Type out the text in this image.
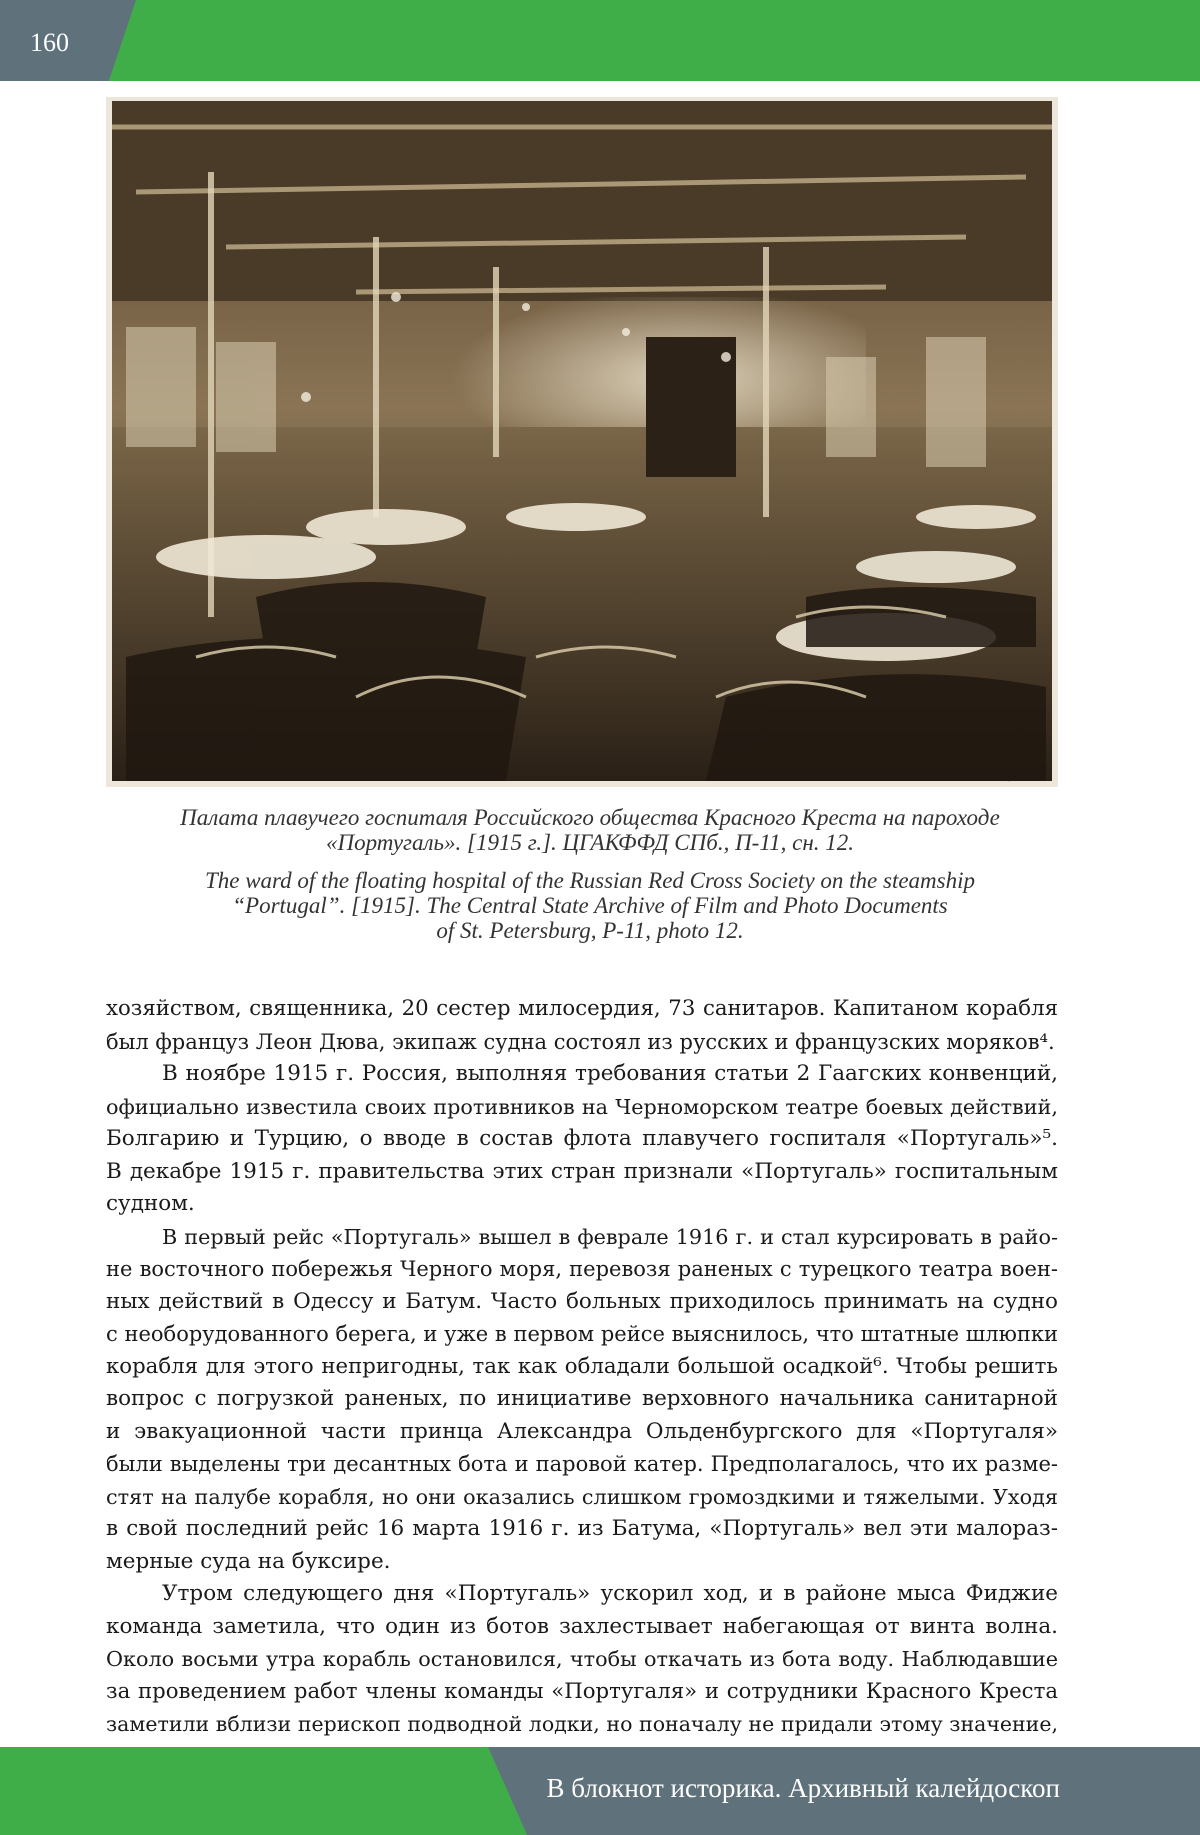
160
Палата плавучего госпиталя Российского общества Красного Креста на пароходе
«Португаль». [1915 г.]. ЦГАКФФД СПб., П-11, сн. 12.
The ward of the floating hospital of the Russian Red Cross Society on the steamship
“Portugal”. [1915]. The Central State Archive of Film and Photo Documents
of St. Petersburg, P-11, photo 12.
хозяйством, священника, 20 сестер милосердия, 73 санитаров. Капитаном корабля
был француз Леон Дюва, экипаж судна состоял из русских и французских моряков⁴.
В ноябре 1915 г. Россия, выполняя требования статьи 2 Гаагских конвенций,
официально известила своих противников на Черноморском театре боевых действий,
Болгарию и Турцию, о вводе в состав флота плавучего госпиталя «Португаль»⁵.
В декабре 1915 г. правительства этих стран признали «Португаль» госпитальным
судном.
В первый рейс «Португаль» вышел в феврале 1916 г. и стал курсировать в райо-
не восточного побережья Черного моря, перевозя раненых с турецкого театра воен-
ных действий в Одессу и Батум. Часто больных приходилось принимать на судно
с необорудованного берега, и уже в первом рейсе выяснилось, что штатные шлюпки
корабля для этого непригодны, так как обладали большой осадкой⁶. Чтобы решить
вопрос с погрузкой раненых, по инициативе верховного начальника санитарной
и эвакуационной части принца Александра Ольденбургского для «Португаля»
были выделены три десантных бота и паровой катер. Предполагалось, что их разме-
стят на палубе корабля, но они оказались слишком громоздкими и тяжелыми. Уходя
в свой последний рейс 16 марта 1916 г. из Батума, «Португаль» вел эти малораз-
мерные суда на буксире.
Утром следующего дня «Португаль» ускорил ход, и в районе мыса Фиджие
команда заметила, что один из ботов захлестывает набегающая от винта волна.
Около восьми утра корабль остановился, чтобы откачать из бота воду. Наблюдавшие
за проведением работ члены команды «Португаля» и сотрудники Красного Креста
заметили вблизи перископ подводной лодки, но поначалу не придали этому значение,
В блокнот историка. Архивный калейдоскоп
